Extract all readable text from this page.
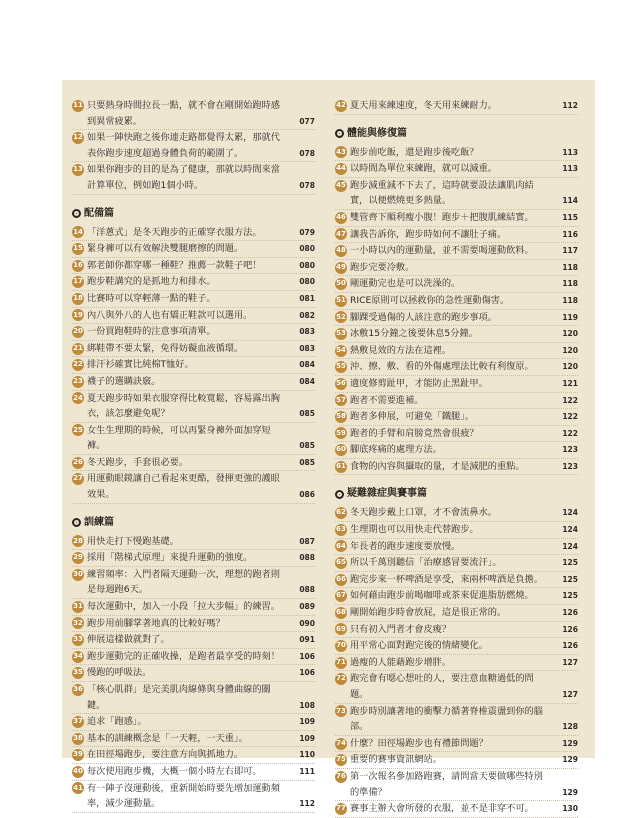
11 只要熱身時間拉長一點，就不會在剛開始跑時感到異常疲累。	077
12 如果一陣快跑之後你連走路都覺得太累，那就代表你跑步速度超過身體負荷的範圍了。	078
13 如果你跑步的目的是為了健康，那就以時間來當計算單位，例如跑1個小時。	078
配備篇
14 「洋蔥式」是冬天跑步的正確穿衣服方法。	079
15 緊身褲可以有效解決雙腿磨擦的問題。	080
16 郭老師你都穿哪一種鞋？推薦一款鞋子吧！	080
17 跑步鞋講究的是抓地力和排水。	080
18 比賽時可以穿輕薄一點的鞋子。	081
19 內八與外八的人也有矯正鞋款可以選用。	082
20 一份買跑鞋時的注意事項清單。	083
21 綁鞋帶不要太緊，免得妨礙血液循環。	083
22 排汗衫確實比純棉T恤好。	084
23 襪子的選購訣竅。	084
24 夏天跑步時如果衣服穿得比較寬鬆，容易露出胸衣，該怎麼避免呢？	085
25 女生生理期的時候，可以再緊身褲外面加穿短褲。	085
26 冬天跑步，手套很必要。	085
27 用運動眼鏡讓自己看起來更酷，發揮更強的護眼效果。	086
訓練篇
28 用快走打下慢跑基礎。	087
29 採用「階梯式原理」來提升運動的強度。	088
30 練習頻率：入門者隔天運動一次，理想的跑者則是每週跑6天。	088
31 每次運動中，加入一小段「拉大步幅」的練習。	089
32 跑步用前腳掌著地真的比較好嗎？	090
33 伸展這樣做就對了。	091
34 跑步運動完的正確收操，是跑者最享受的時刻！	106
35 慢跑的呼吸法。	106
36 「核心肌群」是完美肌肉線條與身體曲線的關鍵。	108
37 追求「跑感」。	109
38 基本的訓練概念是「一天輕，一天重」。	109
39 在田徑場跑步，要注意方向與抓地力。	110
40 每次使用跑步機，大概一個小時左右即可。	111
41 有一陣子沒運動後，重新開始時要先增加運動頻率，減少運動量。	112
42 夏天用來練速度，冬天用來練耐力。	112
體能與修復篇
43 跑步前吃飯，還是跑步後吃飯？	113
44 以時間為單位來練跑，就可以減重。	113
45 跑步減重減不下去了，這時就要設法讓肌肉結實，以便燃燒更多熱量。	114
46 雙管齊下順利瘦小腹！跑步＋把腹肌練結實。	115
47 讓我告訴你，跑步時如何不讓肚子痛。	116
48 一小時以內的運動量，並不需要喝運動飲料。	117
49 跑步完要冷敷。	118
50 剛運動完也是可以洗澡的。	118
51 RICE原則可以拯救你的急性運動傷害。	118
52 腳踝受過傷的人該注意的跑步事項。	119
53 冰敷15分鐘之後要休息5分鐘。	120
54 熱敷見效的方法在這裡。	120
55 沖、擦、敷、看的外傷處理法比較有利復原。	120
56 適度修剪趾甲，才能防止黑趾甲。	121
57 跑者不需要進補。	122
58 跑者多伸展，可避免「鐵腿」。	122
59 跑者的手臂和肩膀竟然會很疲？	122
60 腳底疼痛的處理方法。	123
61 食物的內容與攝取的量，才是減肥的重點。	123
疑難雜症與賽事篇
62 冬天跑步戴上口罩，才不會流鼻水。	124
63 生理期也可以用快走代替跑步。	124
64 年長者的跑步速度要放慢。	124
65 所以千萬別聽信「治療感冒要流汗」。	125
66 跑完步來一杯啤酒是享受，來兩杯啤酒是負擔。	125
67 如何藉由跑步前喝咖啡或茶來促進脂肪燃燒。	125
68 剛開始跑步時會放屁，這是很正常的。	126
69 只有初入門者才會皮痠？	126
70 用平常心面對跑完後的情緒變化。	126
71 過瘦的人能藉跑步增胖。	127
72 跑完會有噁心想吐的人，要注意血糖過低的問題。	127
73 跑步時別讓著地的衝擊力循著脊椎震盪到你的腦部。	128
74 什麼？田徑場跑步也有禮節問題？	129
75 重要的賽事資訊網站。	129
76 第一次報名參加路跑賽，請問當天要做哪些特別的準備？	129
77 賽事主辦大會所發的衣服，並不是非穿不可。	130
